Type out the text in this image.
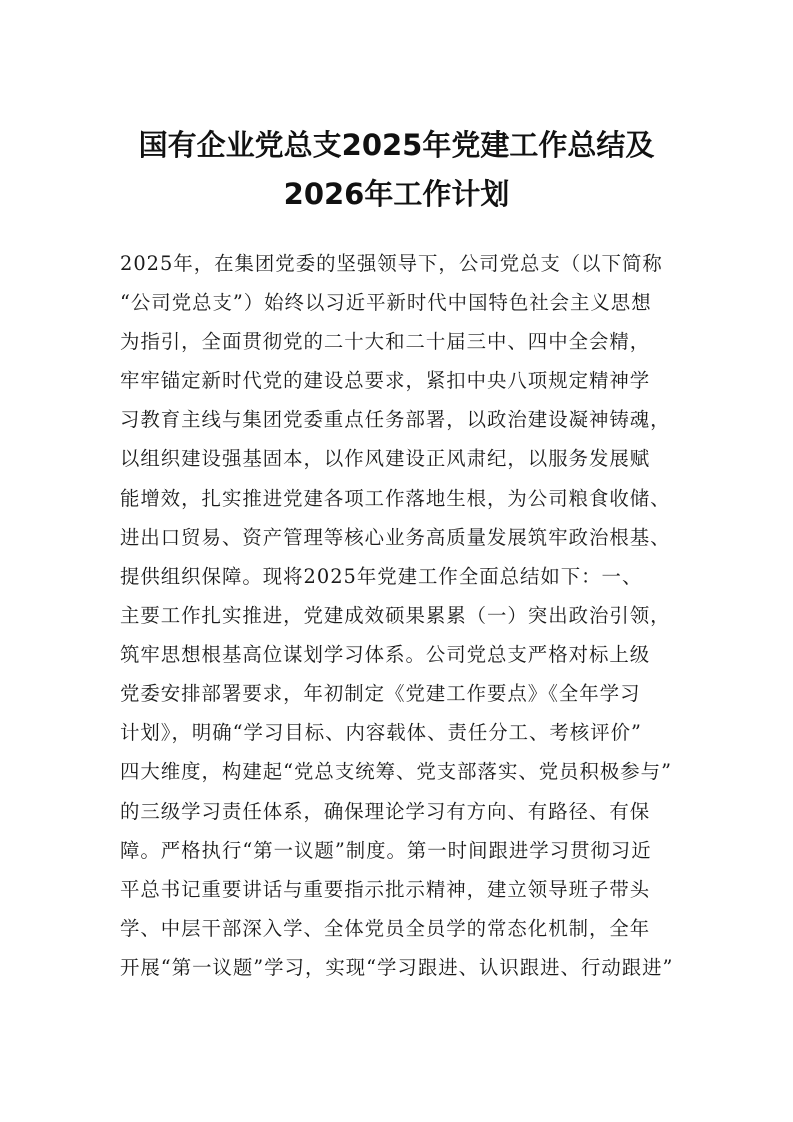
国有企业党总支2025年党建工作总结及
2026年工作计划
2025年，在集团党委的坚强领导下，公司党总支（以下简称
“公司党总支”）始终以习近平新时代中国特色社会主义思想
为指引，全面贯彻党的二十大和二十届三中、四中全会精，
牢牢锚定新时代党的建设总要求，紧扣中央八项规定精神学
习教育主线与集团党委重点任务部署，以政治建设凝神铸魂，
以组织建设强基固本，以作风建设正风肃纪，以服务发展赋
能增效，扎实推进党建各项工作落地生根，为公司粮食收储、
进出口贸易、资产管理等核心业务高质量发展筑牢政治根基、
提供组织保障。现将2025年党建工作全面总结如下：一、
主要工作扎实推进，党建成效硕果累累（一）突出政治引领，
筑牢思想根基高位谋划学习体系。公司党总支严格对标上级
党委安排部署要求，年初制定《党建工作要点》《全年学习
计划》，明确“学习目标、内容载体、责任分工、考核评价”
四大维度，构建起“党总支统筹、党支部落实、党员积极参与”
的三级学习责任体系，确保理论学习有方向、有路径、有保
障。严格执行“第一议题”制度。第一时间跟进学习贯彻习近
平总书记重要讲话与重要指示批示精神，建立领导班子带头
学、中层干部深入学、全体党员全员学的常态化机制，全年
开展“第一议题”学习，实现“学习跟进、认识跟进、行动跟进”
